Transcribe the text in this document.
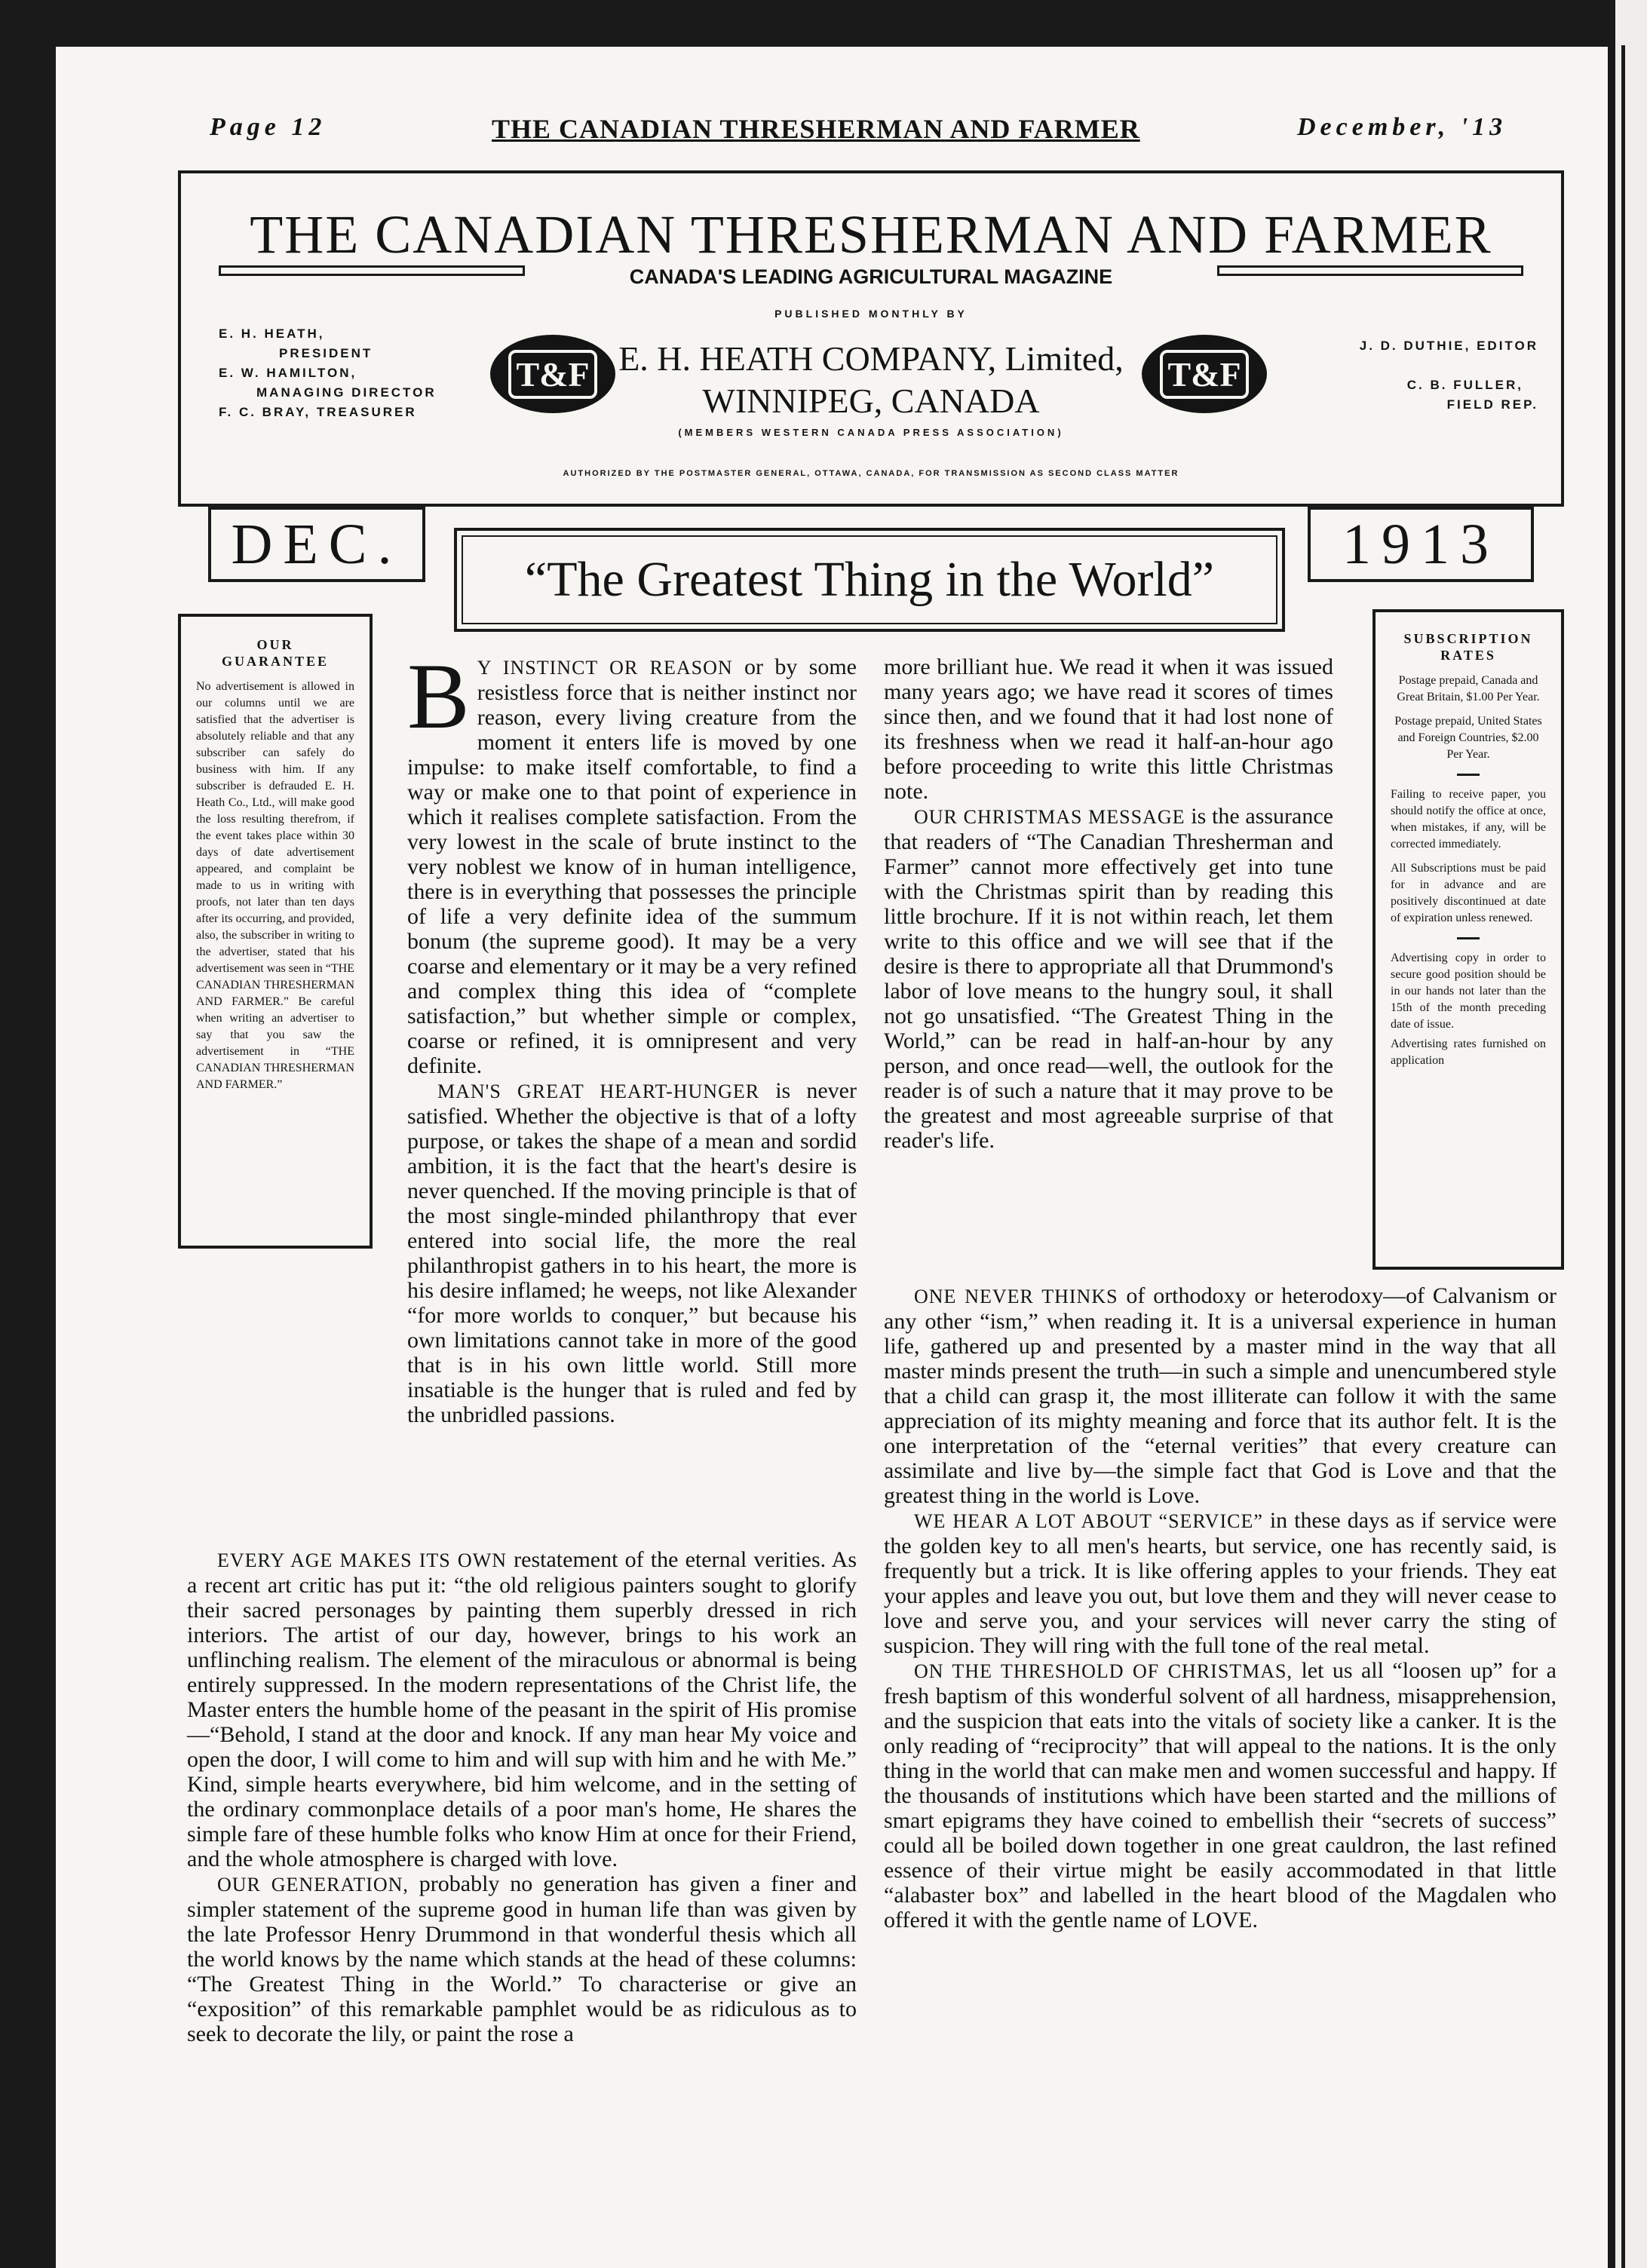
Page 12	THE CANADIAN THRESHERMAN AND FARMER	December, '13
THE CANADIAN THRESHERMAN AND FARMER
CANADA'S LEADING AGRICULTURAL MAGAZINE
PUBLISHED MONTHLY BY
E. H. HEATH,
PRESIDENT
E. W. HAMILTON,
MANAGING DIRECTOR
F. C. BRAY, TREASURER
T&F E. H. HEATH COMPANY, Limited,
WINNIPEG, CANADA
T&F
(MEMBERS WESTERN CANADA PRESS ASSOCIATION)
J. D. DUTHIE, EDITOR
C. B. FULLER,
FIELD REP.
AUTHORIZED BY THE POSTMASTER GENERAL, OTTAWA, CANADA, FOR TRANSMISSION AS SECOND CLASS MATTER
DEC.	1913
“The Greatest Thing in the World”
OUR
GUARANTEE
No advertisement is allowed in our columns until we are satisfied that the advertiser is absolutely reliable and that any subscriber can safely do business with him. If any subscriber is defrauded E. H. Heath Co., Ltd., will make good the loss resulting therefrom, if the event takes place within 30 days of date advertisement appeared, and complaint be made to us in writing with proofs, not later than ten days after its occurring, and provided, also, the subscriber in writing to the advertiser, stated that his advertisement was seen in “THE CANADIAN THRESHERMAN AND FARMER.” Be careful when writing an advertiser to say that you saw the advertisement in “THE CANADIAN THRESHERMAN AND FARMER.”
SUBSCRIPTION
RATES
Postage prepaid, Canada and Great Britain, $1.00 Per Year.
Postage prepaid, United States and Foreign Countries, $2.00 Per Year.
Failing to receive paper, you should notify the office at once, when mistakes, if any, will be corrected immediately.
All Subscriptions must be paid for in advance and are positively discontinued at date of expiration unless renewed.
Advertising copy in order to secure good position should be in our hands not later than the 15th of the month preceding date of issue.
Advertising rates furnished on application
B Y INSTINCT OR REASON or by some resistless force that is neither instinct nor reason, every living creature from the moment it enters life is moved by one impulse: to make itself comfortable, to find a way or make one to that point of experience in which it realises complete satisfaction. From the very lowest in the scale of brute instinct to the very noblest we know of in human intelligence, there is in everything that possesses the principle of life a very definite idea of the summum bonum (the supreme good). It may be a very coarse and elementary or it may be a very refined and complex thing this idea of “complete satisfaction,” but whether simple or complex, coarse or refined, it is omnipresent and very definite.

MAN'S GREAT HEART-HUNGER is never satisfied. Whether the objective is that of a lofty purpose, or takes the shape of a mean and sordid ambition, it is the fact that the heart's desire is never quenched. If the moving principle is that of the most single-minded philanthropy that ever entered into social life, the more the real philanthropist gathers in to his heart, the more is his desire inflamed; he weeps, not like Alexander “for more worlds to conquer,” but because his own limitations cannot take in more of the good that is in his own little world. Still more insatiable is the hunger that is ruled and fed by the unbridled passions.

EVERY AGE MAKES ITS OWN restatement of the eternal verities. As a recent art critic has put it: “the old religious painters sought to glorify their sacred personages by painting them superbly dressed in rich interiors. The artist of our day, however, brings to his work an unflinching realism. The element of the miraculous or abnormal is being entirely suppressed. In the modern representations of the Christ life, the Master enters the humble home of the peasant in the spirit of His promise—“Behold, I stand at the door and knock. If any man hear My voice and open the door, I will come to him and will sup with him and he with Me.” Kind, simple hearts everywhere, bid him welcome, and in the setting of the ordinary commonplace details of a poor man's home, He shares the simple fare of these humble folks who know Him at once for their Friend, and the whole atmosphere is charged with love.

OUR GENERATION, probably no generation has given a finer and simpler statement of the supreme good in human life than was given by the late Professor Henry Drummond in that wonderful thesis which all the world knows by the name which stands at the head of these columns: “The Greatest Thing in the World.” To characterise or give an “exposition” of this remarkable pamphlet would be as ridiculous as to seek to decorate the lily, or paint the rose a

more brilliant hue. We read it when it was issued many years ago; we have read it scores of times since then, and we found that it had lost none of its freshness when we read it half-an-hour ago before proceeding to write this little Christmas note.

OUR CHRISTMAS MESSAGE is the assurance that readers of “The Canadian Thresherman and Farmer” cannot more effectively get into tune with the Christmas spirit than by reading this little brochure. If it is not within reach, let them write to this office and we will see that if the desire is there to appropriate all that Drummond's labor of love means to the hungry soul, it shall not go unsatisfied. “The Greatest Thing in the World,” can be read in half-an-hour by any person, and once read—well, the outlook for the reader is of such a nature that it may prove to be the greatest and most agreeable surprise of that reader's life.

ONE NEVER THINKS of orthodoxy or heterodoxy—of Calvanism or any other “ism,” when reading it. It is a universal experience in human life, gathered up and presented by a master mind in the way that all master minds present the truth—in such a simple and unencumbered style that a child can grasp it, the most illiterate can follow it with the same appreciation of its mighty meaning and force that its author felt. It is the one interpretation of the “eternal verities” that every creature can assimilate and live by—the simple fact that God is Love and that the greatest thing in the world is Love.

WE HEAR A LOT ABOUT “SERVICE” in these days as if service were the golden key to all men's hearts, but service, one has recently said, is frequently but a trick. It is like offering apples to your friends. They eat your apples and leave you out, but love them and they will never cease to love and serve you, and your services will never carry the sting of suspicion. They will ring with the full tone of the real metal.

ON THE THRESHOLD OF CHRISTMAS, let us all “loosen up” for a fresh baptism of this wonderful solvent of all hardness, misapprehension, and the suspicion that eats into the vitals of society like a canker. It is the only reading of “reciprocity” that will appeal to the nations. It is the only thing in the world that can make men and women successful and happy. If the thousands of institutions which have been started and the millions of smart epigrams they have coined to embellish their “secrets of success” could all be boiled down together in one great cauldron, the last refined essence of their virtue might be easily accommodated in that little “alabaster box” and labelled in the heart blood of the Magdalen who offered it with the gentle name of LOVE.
